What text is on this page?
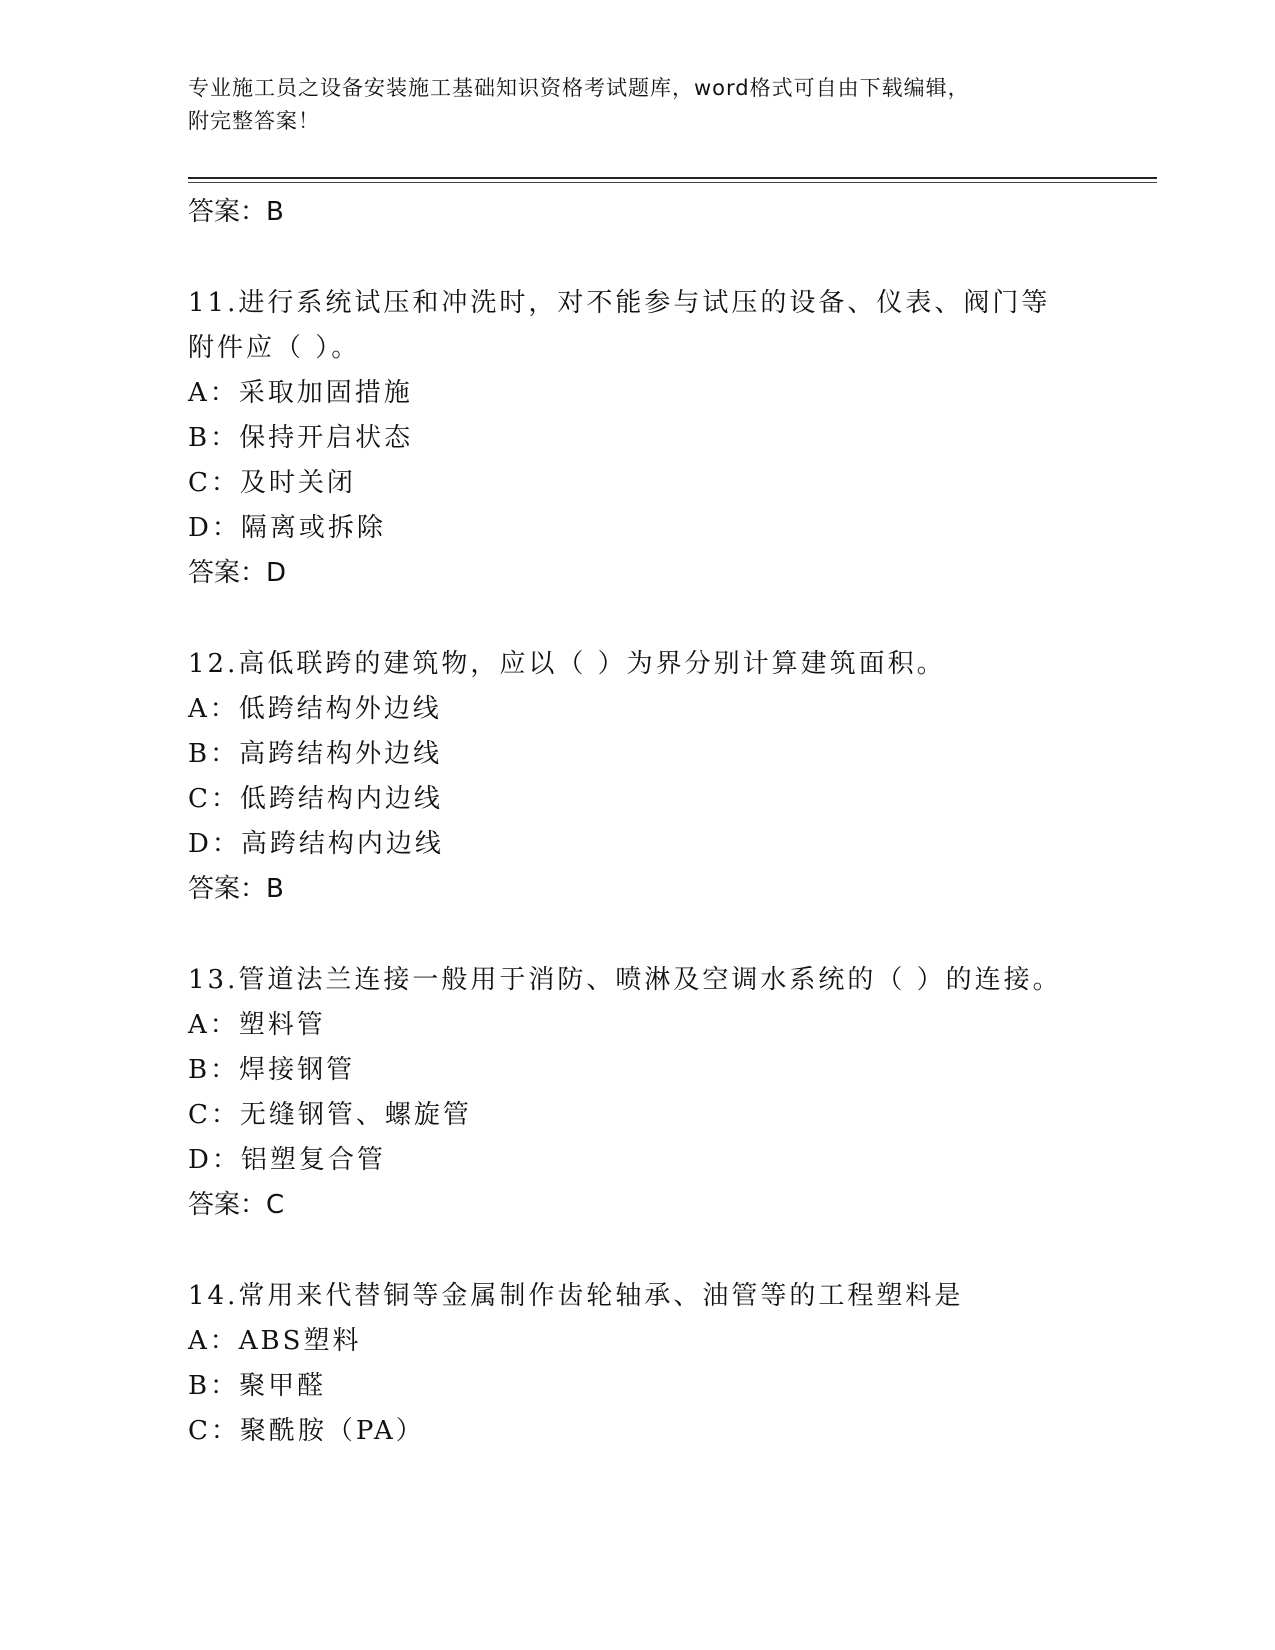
专业施工员之设备安装施工基础知识资格考试题库，word格式可自由下载编辑，
附完整答案！
答案：B
11.进行系统试压和冲洗时，对不能参与试压的设备、仪表、阀门等附件应（ ）。
A：采取加固措施
B：保持开启状态
C：及时关闭
D：隔离或拆除
答案：D
12.高低联跨的建筑物，应以（ ）为界分别计算建筑面积。
A：低跨结构外边线
B：高跨结构外边线
C：低跨结构内边线
D：高跨结构内边线
答案：B
13.管道法兰连接一般用于消防、喷淋及空调水系统的（ ）的连接。
A：塑料管
B：焊接钢管
C：无缝钢管、螺旋管
D：铝塑复合管
答案：C
14.常用来代替铜等金属制作齿轮轴承、油管等的工程塑料是
A：ABS塑料
B：聚甲醛
C：聚酰胺（PA）
